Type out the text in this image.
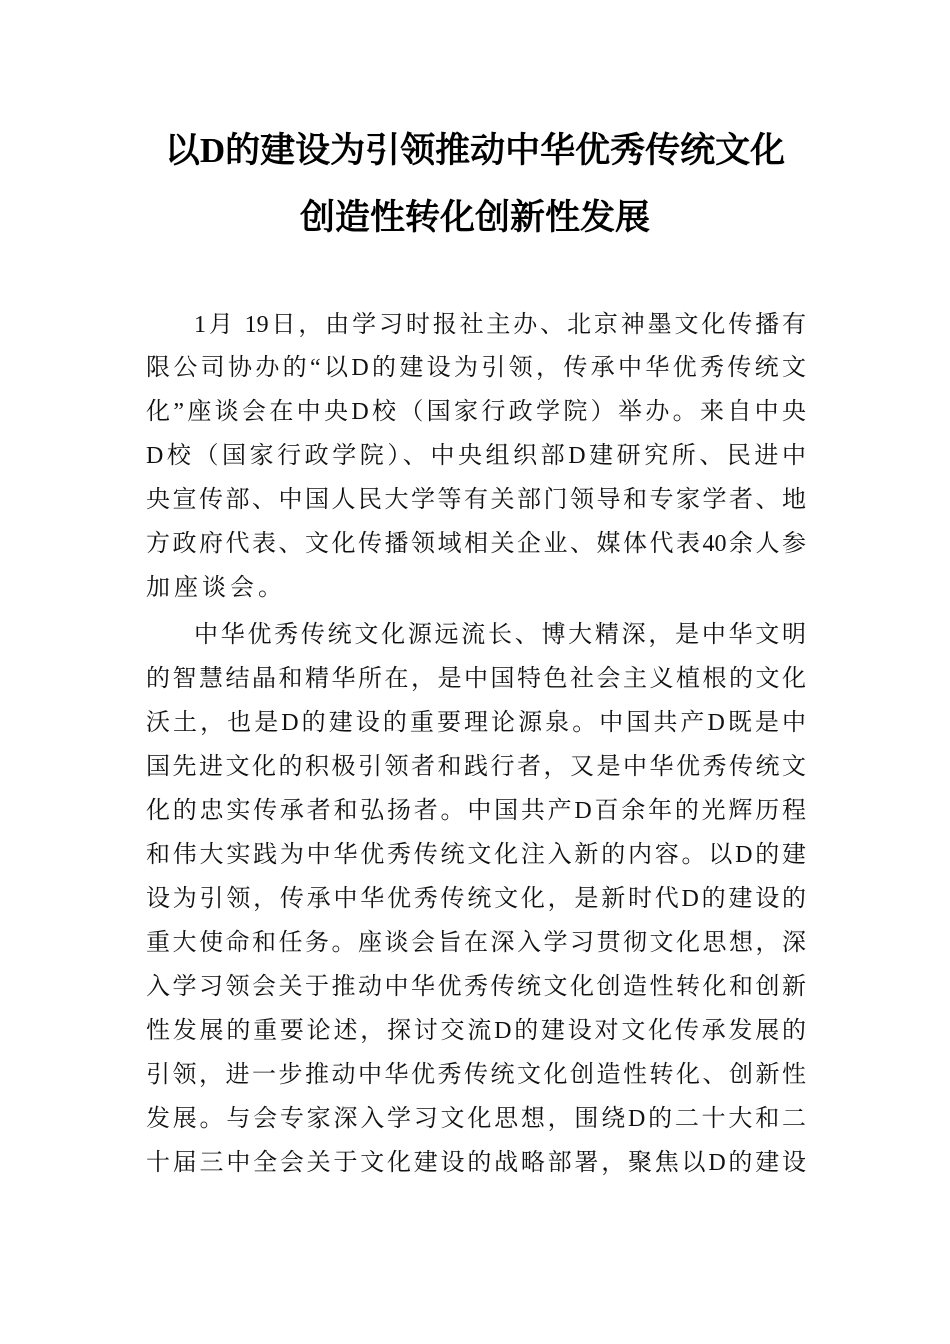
以D的建设为引领推动中华优秀传统文化
创造性转化创新性发展
1月 19日，由学习时报社主办、北京神墨文化传播有
限公司协办的“以D的建设为引领，传承中华优秀传统文
化”座谈会在中央D校（国家行政学院）举办。来自中央
D校（国家行政学院）、中央组织部D建研究所、民进中
央宣传部、中国人民大学等有关部门领导和专家学者、地
方政府代表、文化传播领域相关企业、媒体代表40余人参
加座谈会。
中华优秀传统文化源远流长、博大精深，是中华文明
的智慧结晶和精华所在，是中国特色社会主义植根的文化
沃土，也是D的建设的重要理论源泉。中国共产D既是中
国先进文化的积极引领者和践行者，又是中华优秀传统文
化的忠实传承者和弘扬者。中国共产D百余年的光辉历程
和伟大实践为中华优秀传统文化注入新的内容。以D的建
设为引领，传承中华优秀传统文化，是新时代D的建设的
重大使命和任务。座谈会旨在深入学习贯彻文化思想，深
入学习领会关于推动中华优秀传统文化创造性转化和创新
性发展的重要论述，探讨交流D的建设对文化传承发展的
引领，进一步推动中华优秀传统文化创造性转化、创新性
发展。与会专家深入学习文化思想，围绕D的二十大和二
十届三中全会关于文化建设的战略部署，聚焦以D的建设
